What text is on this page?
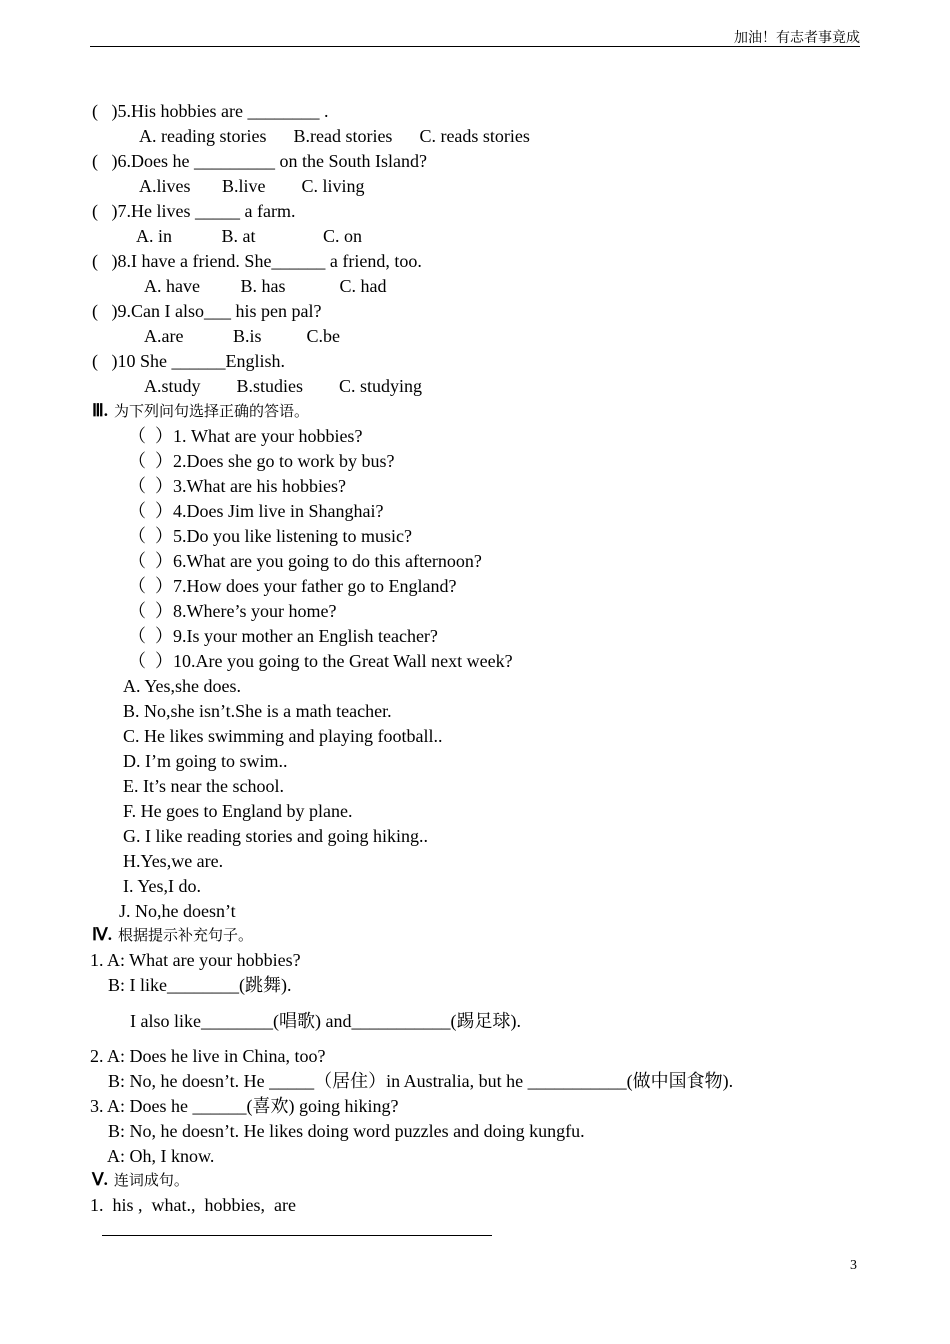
加油！有志者事竟成
(   )5.His hobbies are ________ .
A. reading stories      B.read stories      C. reads stories
(   )6.Does he _________ on the South Island?
A.lives       B.live        C. living
(   )7.He lives _____ a farm.
A. in           B. at               C. on
(   )8.I have a friend. She______ a friend, too.
A. have         B. has            C. had
(   )9.Can I also___ his pen pal?
A.are           B.is          C.be
(   )10 She ______English.
A.study        B.studies        C. studying
Ⅲ. 为下列问句选择正确的答语。
（  ）1. What are your hobbies?
（  ）2.Does she go to work by bus?
（  ）3.What are his hobbies?
（  ）4.Does Jim live in Shanghai?
（  ）5.Do you like listening to music?
（  ）6.What are you going to do this afternoon?
（  ）7.How does your father go to England?
（  ）8.Where’s your home?
（  ）9.Is your mother an English teacher?
（  ）10.Are you going to the Great Wall next week?
A. Yes,she does.
B. No,she isn’t.She is a math teacher.
C. He likes swimming and playing football..
D. I’m going to swim..
E. It’s near the school.
F. He goes to England by plane.
G. I like reading stories and going hiking..
H.Yes,we are.
I. Yes,I do.
J. No,he doesn’t
Ⅳ. 根据提示补充句子。
1. A: What are your hobbies?
B: I like________(跳舞).
I also like________(唱歌) and___________(踢足球).
2. A: Does he live in China, too?
B: No, he doesn’t. He _____（居住）in Australia, but he ___________(做中国食物).
3. A: Does he ______(喜欢) going hiking?
B: No, he doesn’t. He likes doing word puzzles and doing kungfu.
A: Oh, I know.
Ⅴ. 连词成句。
1.  his ,  what.,  hobbies,  are
3
